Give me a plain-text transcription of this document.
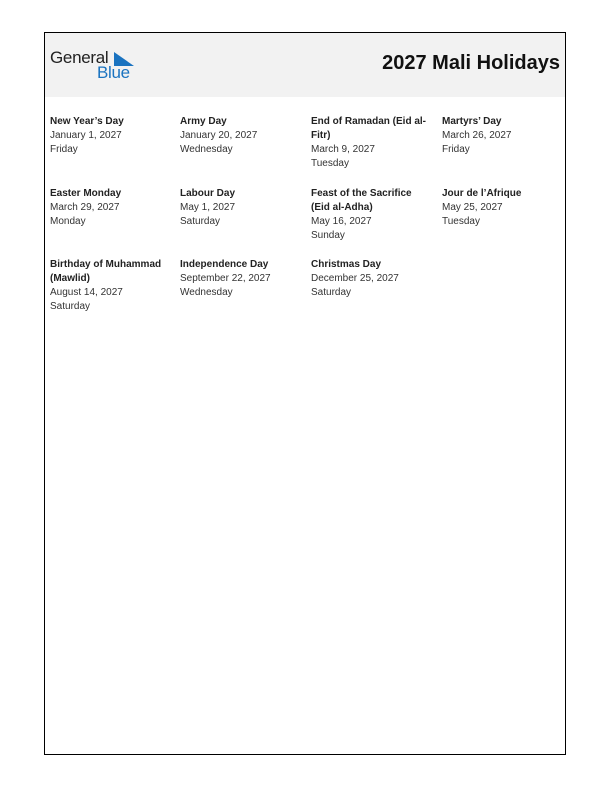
General
Blue	2027 Mali Holidays
New Year’s Day
January 1, 2027
Friday
Army Day
January 20, 2027
Wednesday
End of Ramadan (Eid al-Fitr)
March 9, 2027
Tuesday
Martyrs’ Day
March 26, 2027
Friday
Easter Monday
March 29, 2027
Monday
Labour Day
May 1, 2027
Saturday
Feast of the Sacrifice (Eid al-Adha)
May 16, 2027
Sunday
Jour de l’Afrique
May 25, 2027
Tuesday
Birthday of Muhammad (Mawlid)
August 14, 2027
Saturday
Independence Day
September 22, 2027
Wednesday
Christmas Day
December 25, 2027
Saturday
